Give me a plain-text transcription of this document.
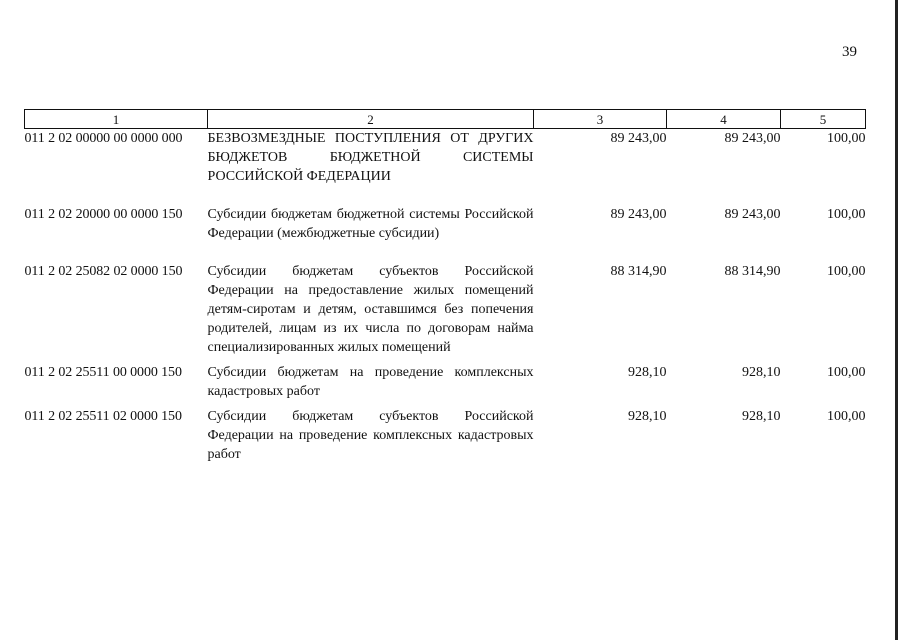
39
1	2	3	4	5
011 2 02 00000 00 0000 000	БЕЗВОЗМЕЗДНЫЕ ПОСТУПЛЕНИЯ ОТ ДРУГИХ БЮДЖЕТОВ БЮДЖЕТНОЙ СИСТЕМЫ РОССИЙСКОЙ ФЕДЕРАЦИИ	89 243,00	89 243,00	100,00
011 2 02 20000 00 0000 150	Субсидии бюджетам бюджетной системы Российской Федерации (межбюджетные субсидии)	89 243,00	89 243,00	100,00
011 2 02 25082 02 0000 150	Субсидии бюджетам субъектов Российской Федерации на предоставление жилых помещений детям-сиротам и детям, оставшимся без попечения родителей, лицам из их числа по договорам найма специализированных жилых помещений	88 314,90	88 314,90	100,00
011 2 02 25511 00 0000 150	Субсидии бюджетам на проведение комплексных кадастровых работ	928,10	928,10	100,00
011 2 02 25511 02 0000 150	Субсидии бюджетам субъектов Российской Федерации на проведение комплексных кадастровых работ	928,10	928,10	100,00
